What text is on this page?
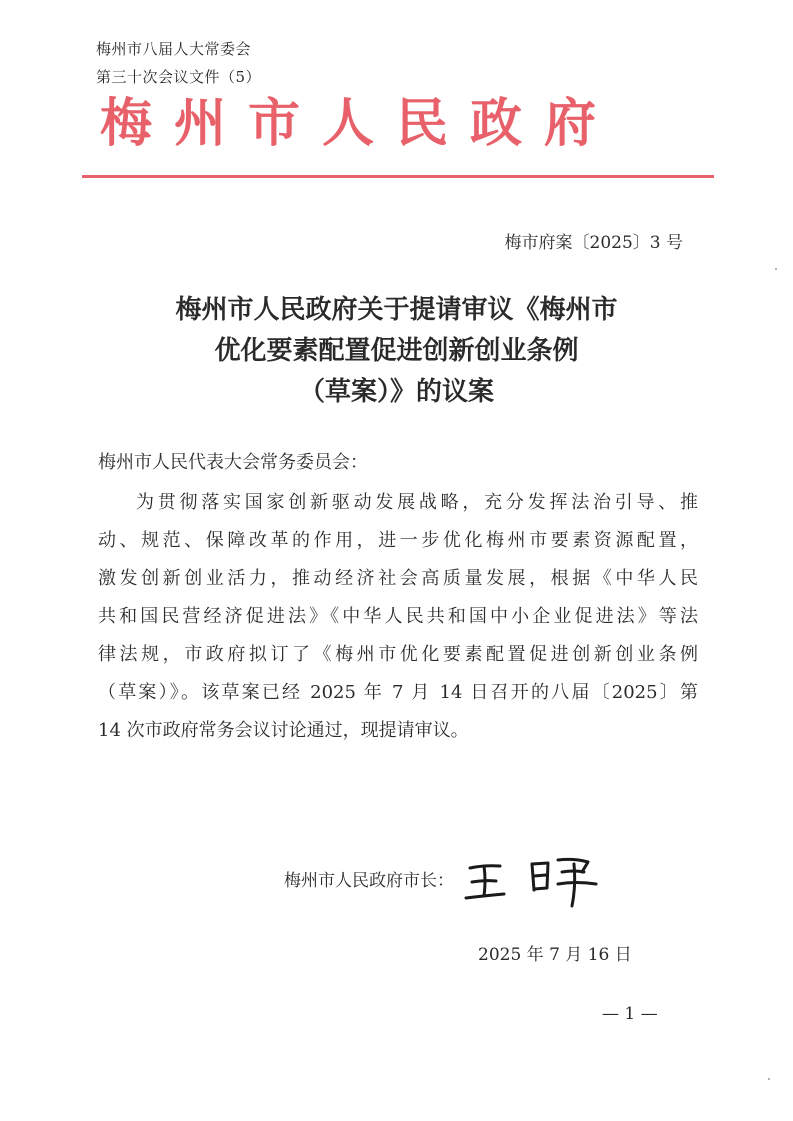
梅州市八届人大常委会
第三十次会议文件（5）
梅州市人民政府
梅市府案〔2025〕3 号
梅州市人民政府关于提请审议《梅州市
优化要素配置促进创新创业条例
（草案）》的议案
梅州市人民代表大会常务委员会：
为贯彻落实国家创新驱动发展战略，充分发挥法治引导、推
动、规范、保障改革的作用，进一步优化梅州市要素资源配置，
激发创新创业活力，推动经济社会高质量发展，根据《中华人民
共和国民营经济促进法》《中华人民共和国中小企业促进法》等法
律法规，市政府拟订了《梅州市优化要素配置促进创新创业条例
（草案）》。该草案已经 2025 年 7 月 14 日召开的八届〔2025〕第
14 次市政府常务会议讨论通过，现提请审议。
梅州市人民政府市长：
2025 年 7 月 16 日
— 1 —
